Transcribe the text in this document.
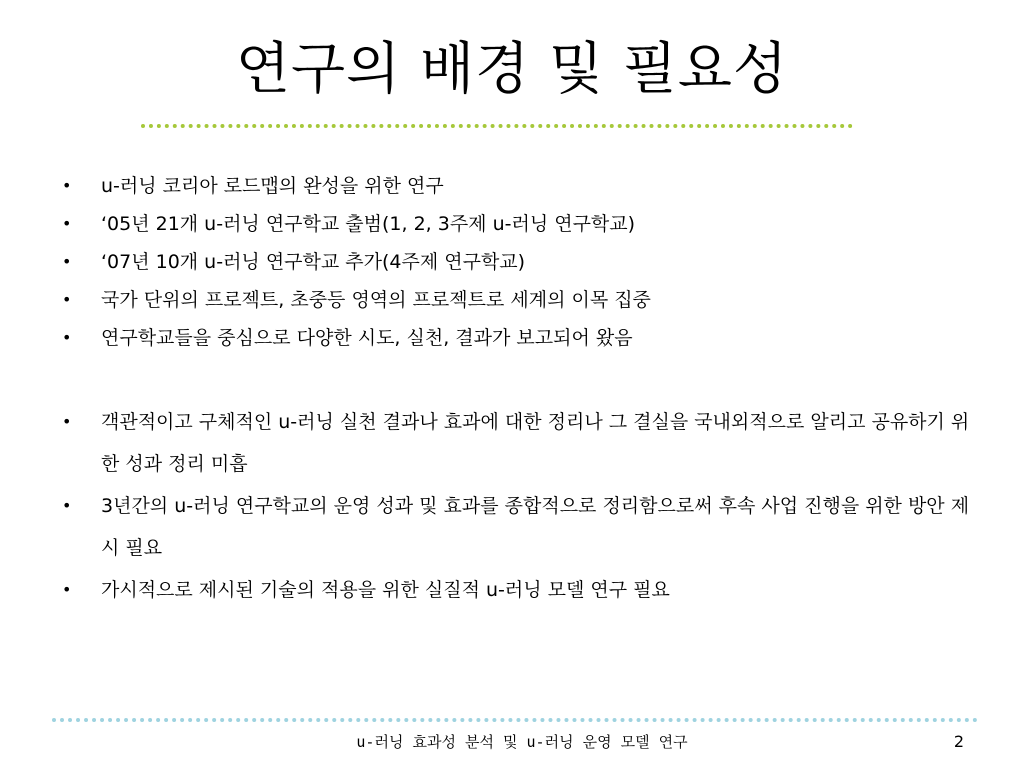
연구의 배경 및 필요성
• u-러닝 코리아 로드맵의 완성을 위한 연구
• ‘05년 21개 u-러닝 연구학교 출범(1, 2, 3주제 u-러닝 연구학교)
• ‘07년 10개 u-러닝 연구학교 추가(4주제 연구학교)
• 국가 단위의 프로젝트, 초중등 영역의 프로젝트로 세계의 이목 집중
• 연구학교들을 중심으로 다양한 시도, 실천, 결과가 보고되어 왔음
• 객관적이고 구체적인 u-러닝 실천 결과나 효과에 대한 정리나 그 결실을 국내외적으로 알리고 공유하기 위한 성과 정리 미흡
• 3년간의 u-러닝 연구학교의 운영 성과 및 효과를 종합적으로 정리함으로써 후속 사업 진행을 위한 방안 제시 필요
• 가시적으로 제시된 기술의 적용을 위한 실질적 u-러닝 모델 연구 필요
u-러닝 효과성 분석 및 u-러닝 운영 모델 연구	2
